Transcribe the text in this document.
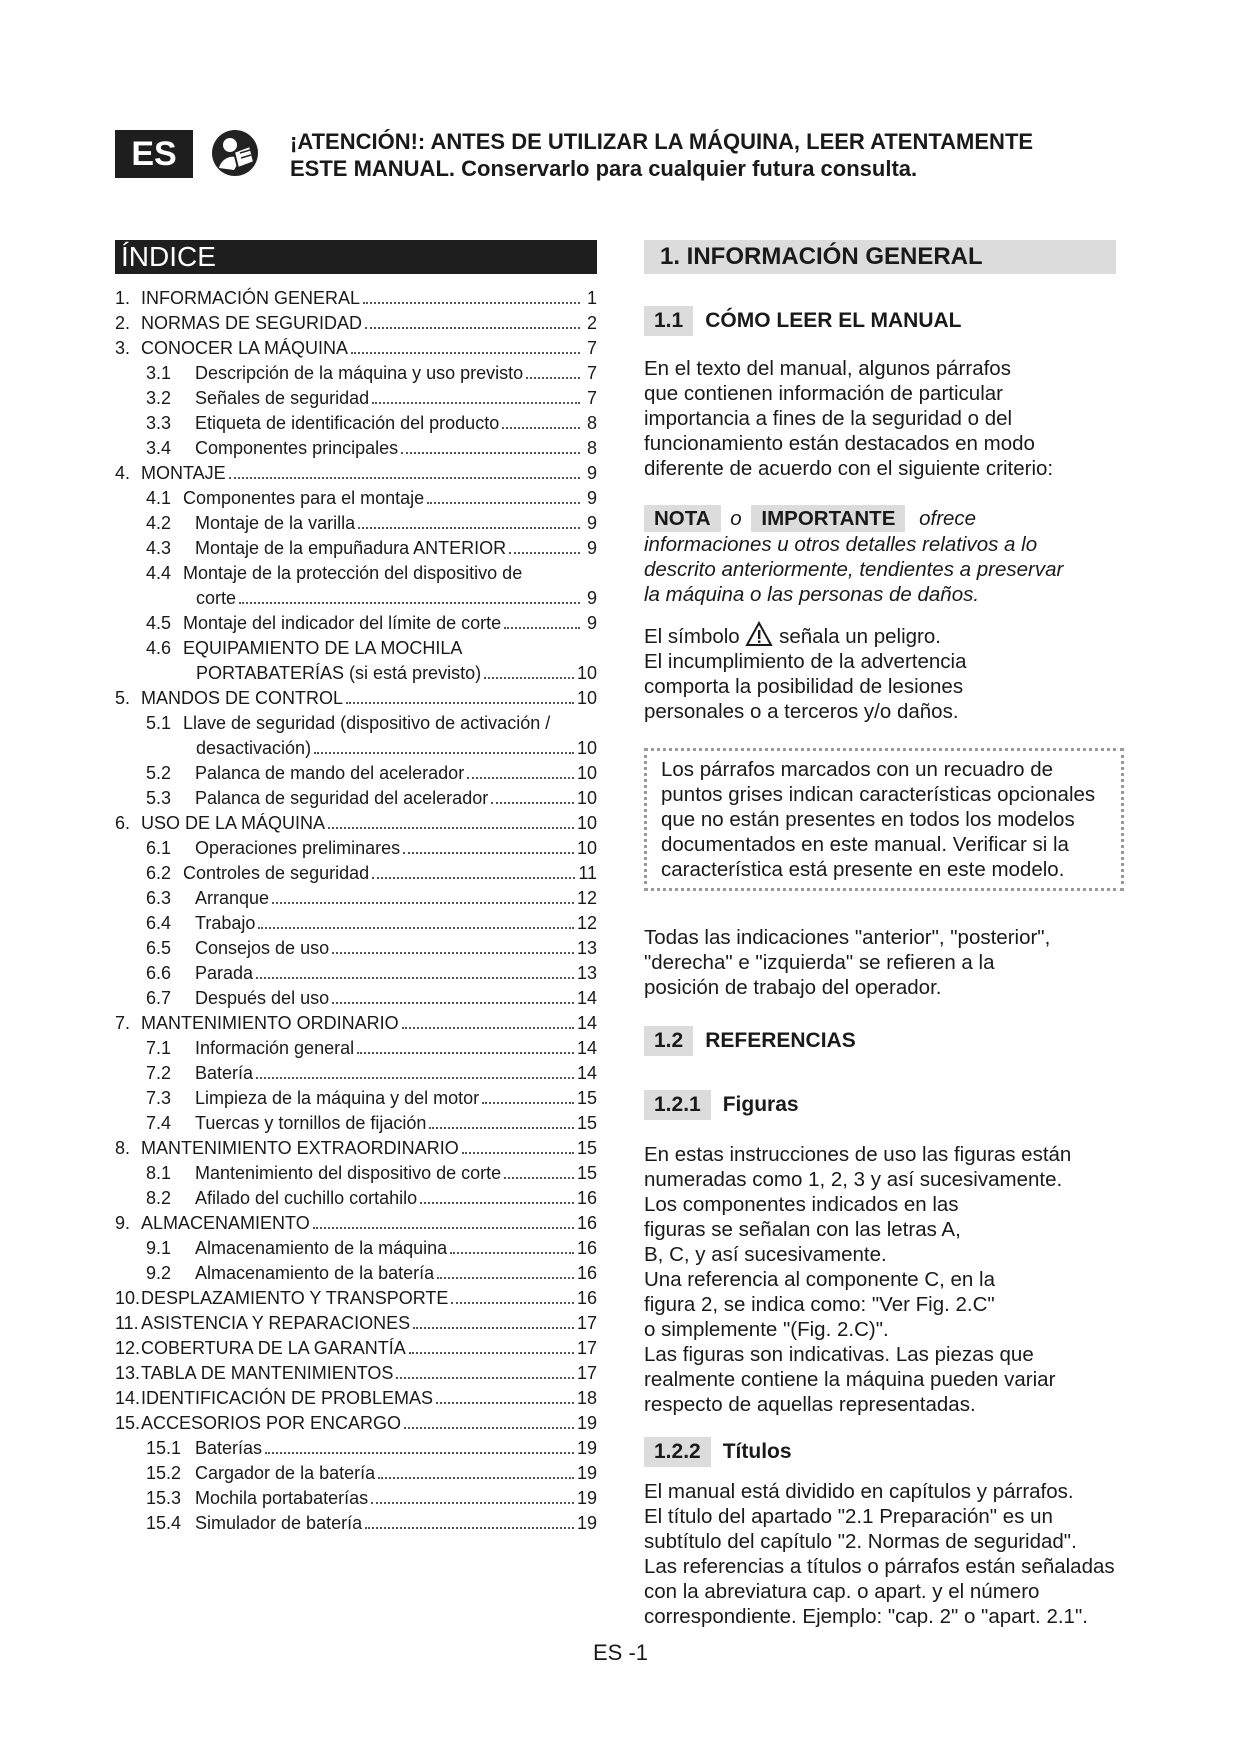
ES	¡ATENCIÓN!: ANTES DE UTILIZAR LA MÁQUINA, LEER ATENTAMENTE
ESTE MANUAL. Conservarlo para cualquier futura consulta.
ÍNDICE
1. INFORMACIÓN GENERAL	1
2. NORMAS DE SEGURIDAD	2
3. CONOCER LA MÁQUINA	7
3.1	Descripción de la máquina y uso previsto	7
3.2	Señales de seguridad	7
3.3	Etiqueta de identificación del producto	8
3.4	Componentes principales	8
4. MONTAJE	9
4.1 Componentes para el montaje	9
4.2	Montaje de la varilla	9
4.3	Montaje de la empuñadura ANTERIOR	9
4.4 Montaje de la protección del dispositivo de
corte	9
4.5 Montaje del indicador del límite de corte	9
4.6 EQUIPAMIENTO DE LA MOCHILA
PORTABATERÍAS (si está previsto)	10
5. MANDOS DE CONTROL	10
5.1 Llave de seguridad (dispositivo de activación /
desactivación)	10
5.2	Palanca de mando del acelerador	10
5.3	Palanca de seguridad del acelerador	10
6. USO DE LA MÁQUINA	10
6.1	Operaciones preliminares	10
6.2 Controles de seguridad	11
6.3	Arranque	12
6.4	Trabajo	12
6.5	Consejos de uso	13
6.6	Parada	13
6.7	Después del uso	14
7. MANTENIMIENTO ORDINARIO	14
7.1	Información general	14
7.2	Batería	14
7.3	Limpieza de la máquina y del motor	15
7.4	Tuercas y tornillos de fijación	15
8. MANTENIMIENTO EXTRAORDINARIO	15
8.1	Mantenimiento del dispositivo de corte	15
8.2	Afilado del cuchillo cortahilo	16
9. ALMACENAMIENTO	16
9.1	Almacenamiento de la máquina	16
9.2	Almacenamiento de la batería	16
10. DESPLAZAMIENTO Y TRANSPORTE	16
11. ASISTENCIA Y REPARACIONES	17
12. COBERTURA DE LA GARANTÍA	17
13. TABLA DE MANTENIMIENTOS	17
14. IDENTIFICACIÓN DE PROBLEMAS	18
15. ACCESORIOS POR ENCARGO	19
15.1 Baterías	19
15.2 Cargador de la batería	19
15.3 Mochila portabaterías	19
15.4 Simulador de batería	19
1. INFORMACIÓN GENERAL
1.1	CÓMO LEER EL MANUAL

En el texto del manual, algunos párrafos

que contienen información de particular

importancia a fines de la seguridad o del

funcionamiento están destacados en modo

diferente de acuerdo con el siguiente criterio:

NOTA o IMPORTANTE ofrece

informaciones u otros detalles relativos a lo

descrito anteriormente, tendientes a preservar

la máquina o las personas de daños.

El símbolo señala un peligro.

El incumplimiento de la advertencia

comporta la posibilidad de lesiones

personales o a terceros y/o daños.

Los párrafos marcados con un recuadro de
puntos grises indican características opcionales
que no están presentes en todos los modelos
documentados en este manual. Verificar si la
característica está presente en este modelo.

Todas las indicaciones "anterior", "posterior",

"derecha" e "izquierda" se refieren a la

posición de trabajo del operador.

1.2	REFERENCIAS
1.2.1	Figuras

En estas instrucciones de uso las figuras están

numeradas como 1, 2, 3 y así sucesivamente.

Los componentes indicados en las

figuras se señalan con las letras A,

B, C, y así sucesivamente.

Una referencia al componente C, en la

figura 2, se indica como: "Ver Fig. 2.C"

o simplemente "(Fig. 2.C)".

Las figuras son indicativas. Las piezas que

realmente contiene la máquina pueden variar

respecto de aquellas representadas.

1.2.2	Títulos

El manual está dividido en capítulos y párrafos.

El título del apartado "2.1 Preparación" es un

subtítulo del capítulo "2. Normas de seguridad".

Las referencias a títulos o párrafos están señaladas

con la abreviatura cap. o apart. y el número

correspondiente. Ejemplo: "cap. 2" o "apart. 2.1".

ES -1
